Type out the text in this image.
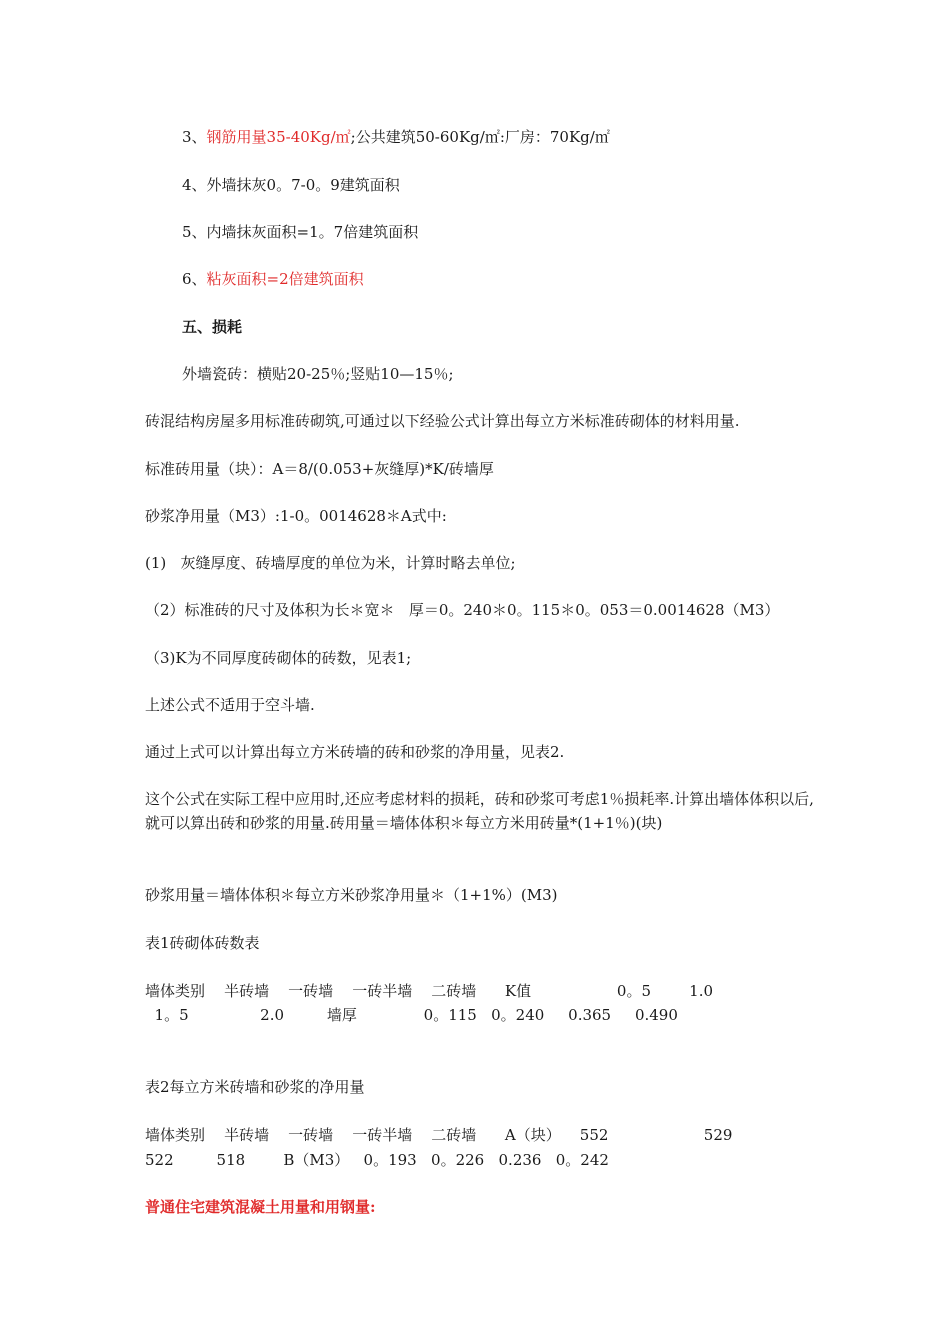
3、钢筋用量35-40Kg/㎡;公共建筑50-60Kg/㎡:厂房：70Kg/㎡

4、外墙抹灰0。7-0。9建筑面积

5、内墙抹灰面积=1。7倍建筑面积

6、粘灰面积=2倍建筑面积

五、损耗

外墙瓷砖：横贴20-25％;竖贴10—15％;

砖混结构房屋多用标准砖砌筑,可通过以下经验公式计算出每立方米标准砖砌体的材料用量.

标准砖用量（块）：A＝8/(0.053+灰缝厚)*K/砖墙厚

砂浆净用量（M3）:1-0。0014628＊A式中:

(1)   灰缝厚度、砖墙厚度的单位为米，计算时略去单位;

（2）标准砖的尺寸及体积为长＊宽＊   厚＝0。240＊0。115＊0。053＝0.0014628（M3）

（3)K为不同厚度砖砌体的砖数，见表1;

上述公式不适用于空斗墙.

通过上式可以计算出每立方米砖墙的砖和砂浆的净用量，见表2.

这个公式在实际工程中应用时,还应考虑材料的损耗，砖和砂浆可考虑1％损耗率.计算出墙体体积以后,就可以算出砖和砂浆的用量.砖用量＝墙体体积＊每立方米用砖量*(1+1％)(块)

砂浆用量＝墙体体积＊每立方米砂浆净用量＊（1+1%）(M3)

表1砖砌体砖数表

墙体类别    半砖墙    一砖墙    一砖半墙    二砖墙      K值                  0。5        1.0

1。5               2.0         墙厚              0。115   0。240     0.365     0.490

表2每立方米砖墙和砂浆的净用量

墙体类别    半砖墙    一砖墙    一砖半墙    二砖墙      A（块）    552                    529

522         518        B（M3）   0。193   0。226   0.236   0。242

普通住宅建筑混凝土用量和用钢量:
